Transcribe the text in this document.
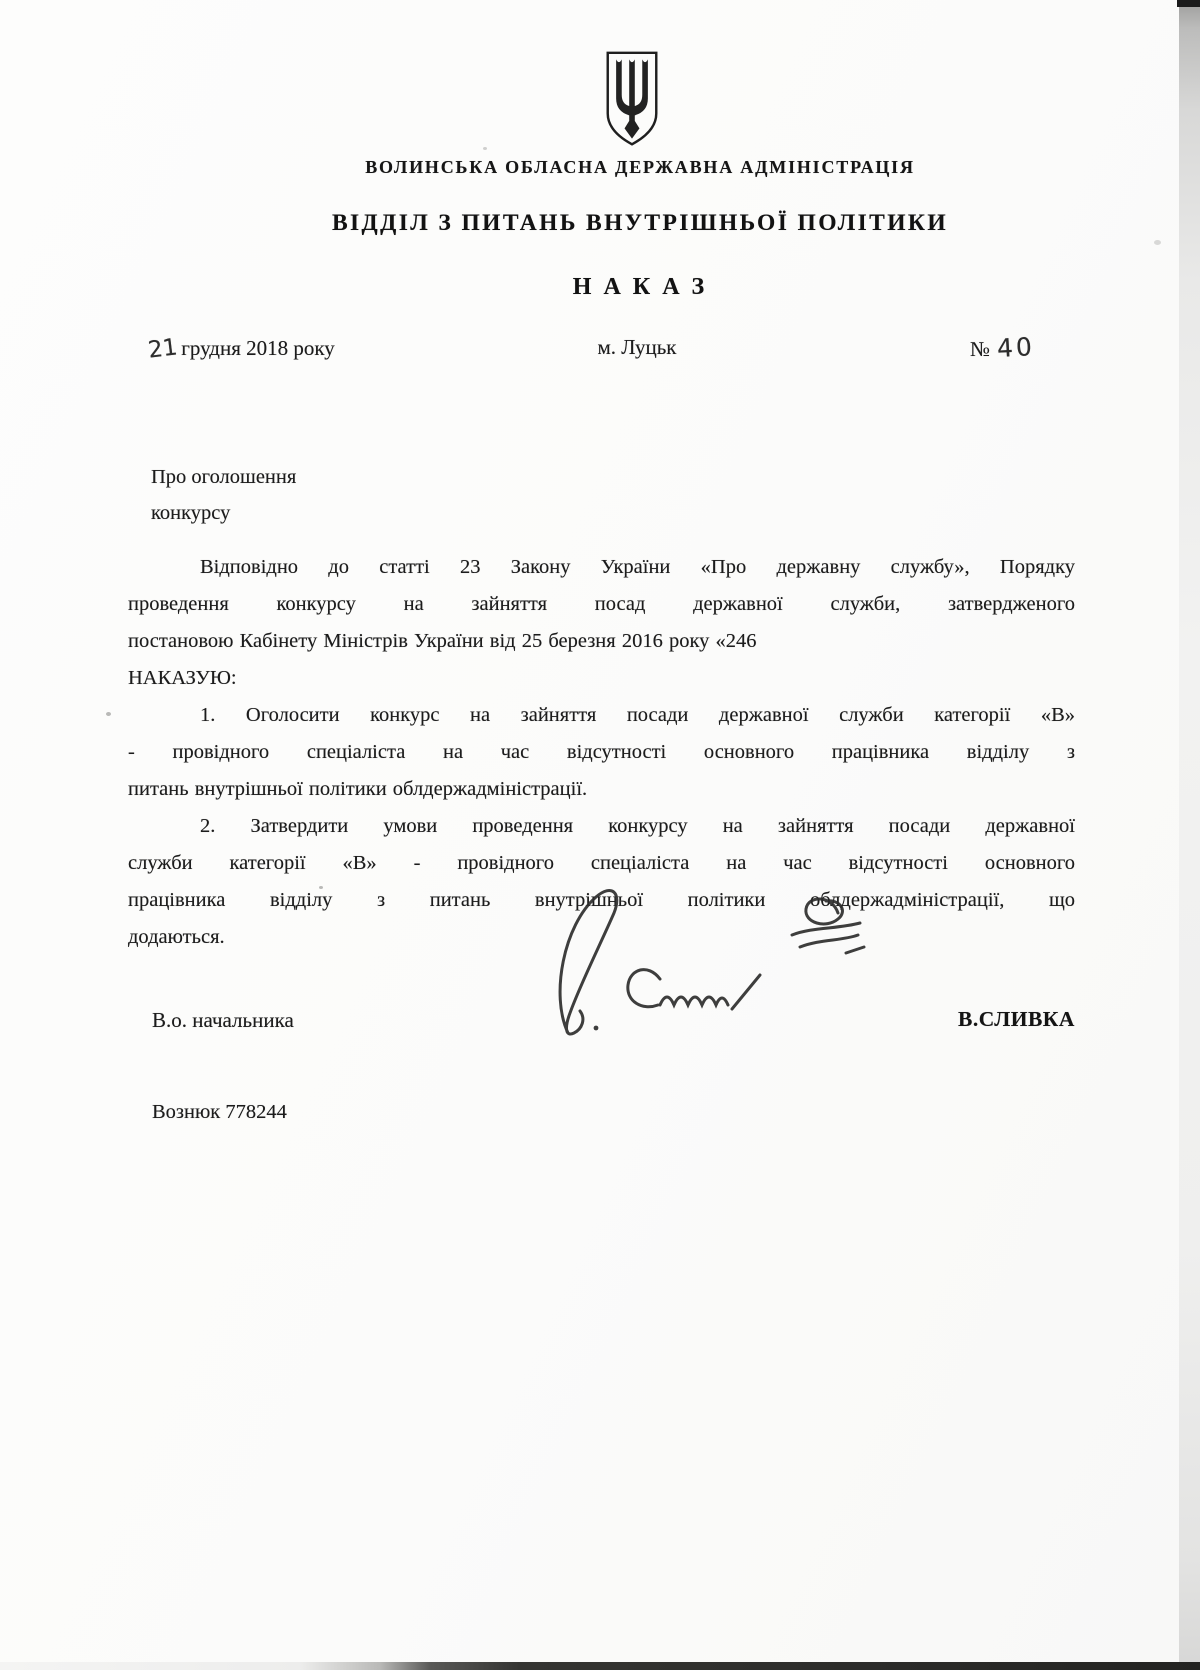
ВОЛИНСЬКА ОБЛАСНА ДЕРЖАВНА АДМІНІСТРАЦІЯ
ВІДДІЛ З ПИТАНЬ ВНУТРІШНЬОЇ ПОЛІТИКИ
Н А К А З
21 грудня 2018 року	м. Луцьк	№ 40
Про оголошення
конкурсу
Відповідно до статті 23 Закону України «Про державну службу», Порядку
проведення конкурсу на зайняття посад державної служби, затвердженого
постановою Кабінету Міністрів України від 25 березня 2016 року «246
НАКАЗУЮ:
1. Оголосити конкурс на зайняття посади державної служби категорії «В»
- провідного спеціаліста на час відсутності основного працівника відділу з
питань внутрішньої політики облдержадміністрації.
2. Затвердити умови проведення конкурсу на зайняття посади державної
служби категорії «В» - провідного спеціаліста на час відсутності основного
працівника відділу з питань внутрішньої політики облдержадміністрації, що
додаються.
В.о. начальника	В.СЛИВКА
Вознюк 778244
